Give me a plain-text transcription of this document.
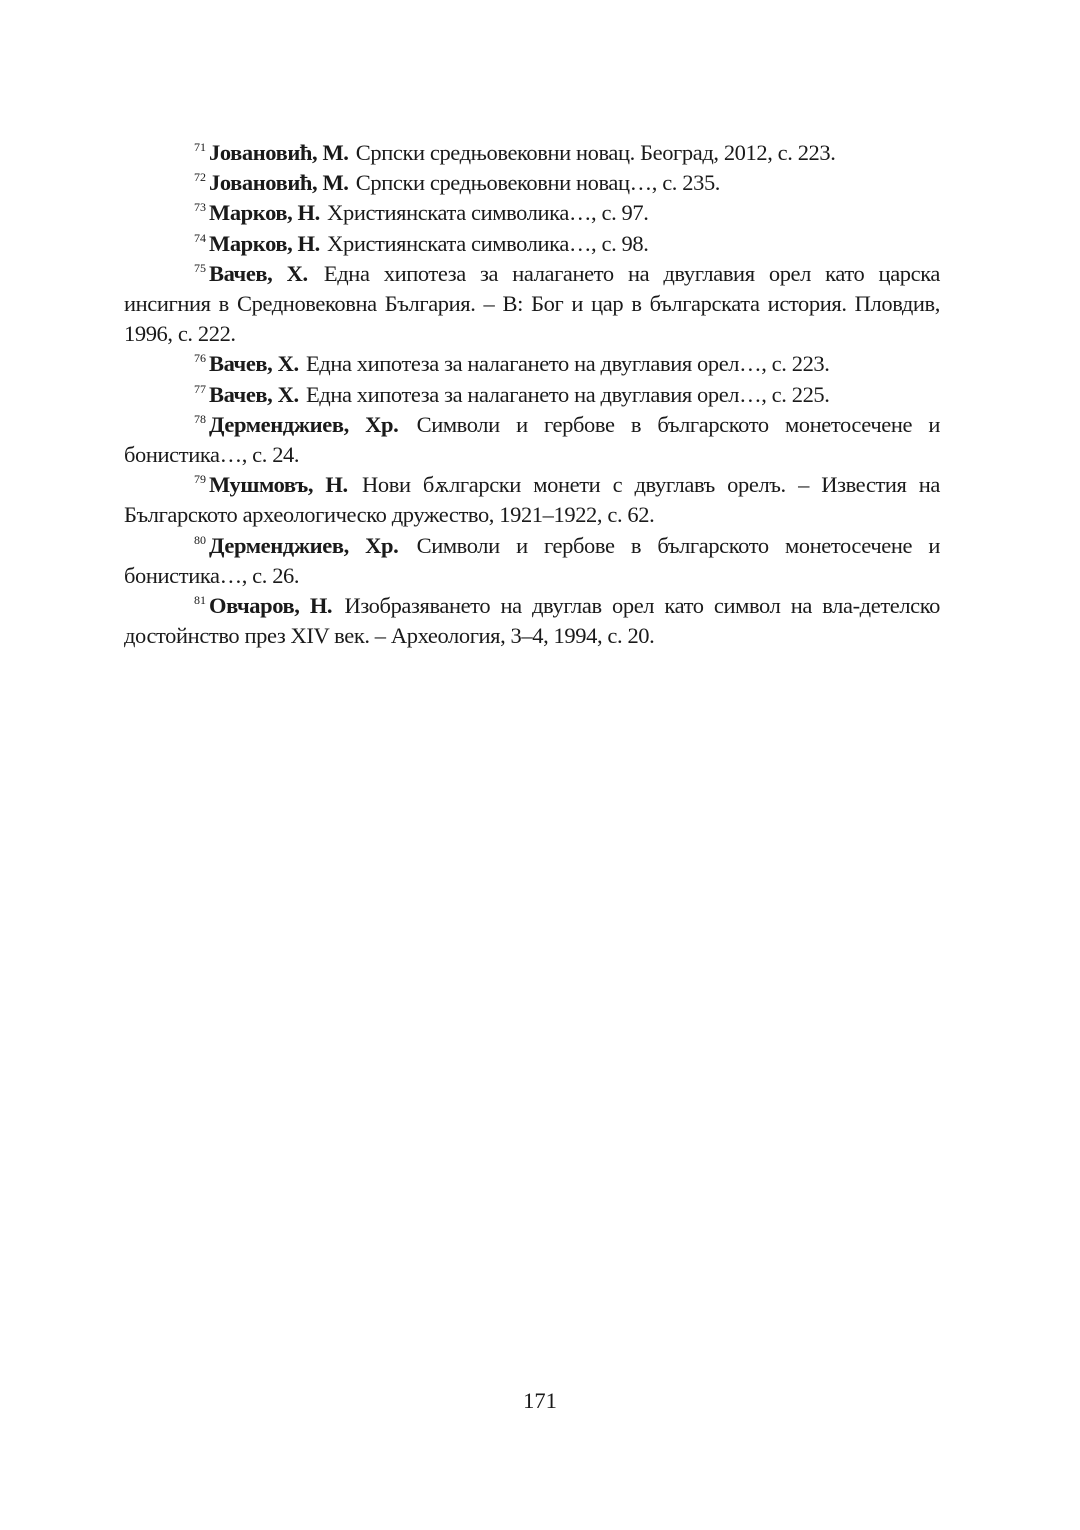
$^{71}$ Јовановић, М. Српски средњовековни новац. Београд, 2012, с. 223.

$^{72}$ Јовановић, М. Српски средњовековни новац…, с. 235.

$^{73}$ Марков, Н. Християнската символика…, с. 97.

$^{74}$ Марков, Н. Християнската символика…, с. 98.

$^{75}$ Вачев, Х. Една хипотеза за налагането на двуглавия орел като царска инсигния в Средновековна България. – В: Бог и цар в българската история. Пловдив, 1996, с. 222.

$^{76}$ Вачев, Х. Една хипотеза за налагането на двуглавия орел…, с. 223.

$^{77}$ Вачев, Х. Една хипотеза за налагането на двуглавия орел…, с. 225.

$^{78}$ Дерменджиев, Хр. Символи и гербове в българското монетосечене и бонистика…, с. 24.

$^{79}$ Мушмовъ, Н. Нови бѫлгарски монети с двуглавъ орелъ. – Известия на Българското археологическо дружество, 1921–1922, с. 62.

$^{80}$ Дерменджиев, Хр. Символи и гербове в българското монетосечене и бонистика…, с. 26.

$^{81}$ Овчаров, Н. Изобразяването на двуглав орел като символ на вла-детелско достойнство през XIV век. – Археология, 3–4, 1994, с. 20.

171
